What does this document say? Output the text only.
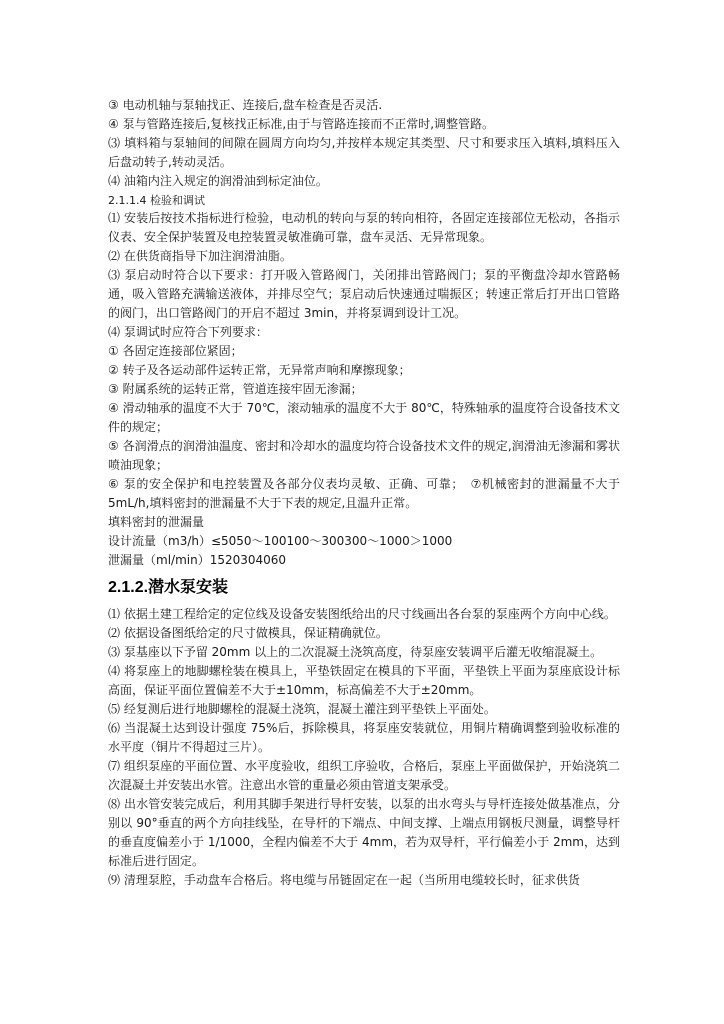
③ 电动机轴与泵轴找正、连接后,盘车检查是否灵活.

④ 泵与管路连接后,复核找正标准,由于与管路连接而不正常时,调整管路。

⑶ 填料箱与泵轴间的间隙在圆周方向均匀,并按样本规定其类型、尺寸和要求压入填料,填料压入后盘动转子,转动灵活。

⑷ 油箱内注入规定的润滑油到标定油位。

2.1.1.4 检验和调试

⑴ 安装后按技术指标进行检验，电动机的转向与泵的转向相符，各固定连接部位无松动，各指示仪表、安全保护装置及电控装置灵敏准确可靠，盘车灵活、无异常现象。

⑵ 在供货商指导下加注润滑油脂。

⑶ 泵启动时符合以下要求：打开吸入管路阀门，关闭排出管路阀门；泵的平衡盘冷却水管路畅通，吸入管路充满输送液体，并排尽空气；泵启动后快速通过喘振区；转速正常后打开出口管路的阀门，出口管路阀门的开启不超过 3min，并将泵调到设计工况。

⑷ 泵调试时应符合下列要求：

① 各固定连接部位紧固；

② 转子及各运动部件运转正常，无异常声响和摩擦现象；

③ 附属系统的运转正常，管道连接牢固无渗漏；

④ 滑动轴承的温度不大于 70℃，滚动轴承的温度不大于 80℃，特殊轴承的温度符合设备技术文件的规定；

⑤ 各润滑点的润滑油温度、密封和冷却水的温度均符合设备技术文件的规定,润滑油无渗漏和雾状喷油现象；

⑥ 泵的安全保护和电控装置及各部分仪表均灵敏、正确、可靠；　⑦机械密封的泄漏量不大于 5mL/h,填料密封的泄漏量不大于下表的规定,且温升正常。

填料密封的泄漏量

设计流量（m3/h）≤5050～100100～300300～1000＞1000

泄漏量（ml/min）1520304060

2.1.2.潜水泵安装

⑴ 依据土建工程给定的定位线及设备安装图纸给出的尺寸线画出各台泵的泵座两个方向中心线。

⑵ 依据设备图纸给定的尺寸做模具，保证精确就位。

⑶ 泵基座以下予留 20mm 以上的二次混凝土浇筑高度，待泵座安装调平后灌无收缩混凝土。

⑷ 将泵座上的地脚螺栓装在模具上，平垫铁固定在模具的下平面，平垫铁上平面为泵座底设计标高面，保证平面位置偏差不大于±10mm，标高偏差不大于±20mm。

⑸ 经复测后进行地脚螺栓的混凝土浇筑，混凝土灌注到平垫铁上平面处。

⑹ 当混凝土达到设计强度 75%后，拆除模具，将泵座安装就位，用铜片精确调整到验收标准的水平度（铜片不得超过三片）。

⑺ 组织泵座的平面位置、水平度验收，组织工序验收，合格后，泵座上平面做保护，开始浇筑二次混凝土并安装出水管。注意出水管的重量必须由管道支架承受。

⑻ 出水管安装完成后，利用其脚手架进行导杆安装，以泵的出水弯头与导杆连接处做基准点，分别以 90°垂直的两个方向挂线坠，在导杆的下端点、中间支撑、上端点用钢板尺测量，调整导杆的垂直度偏差小于 1/1000，全程内偏差不大于 4mm，若为双导杆，平行偏差小于 2mm，达到标准后进行固定。

⑼ 清理泵腔，手动盘车合格后。将电缆与吊链固定在一起（当所用电缆较长时，征求供货
